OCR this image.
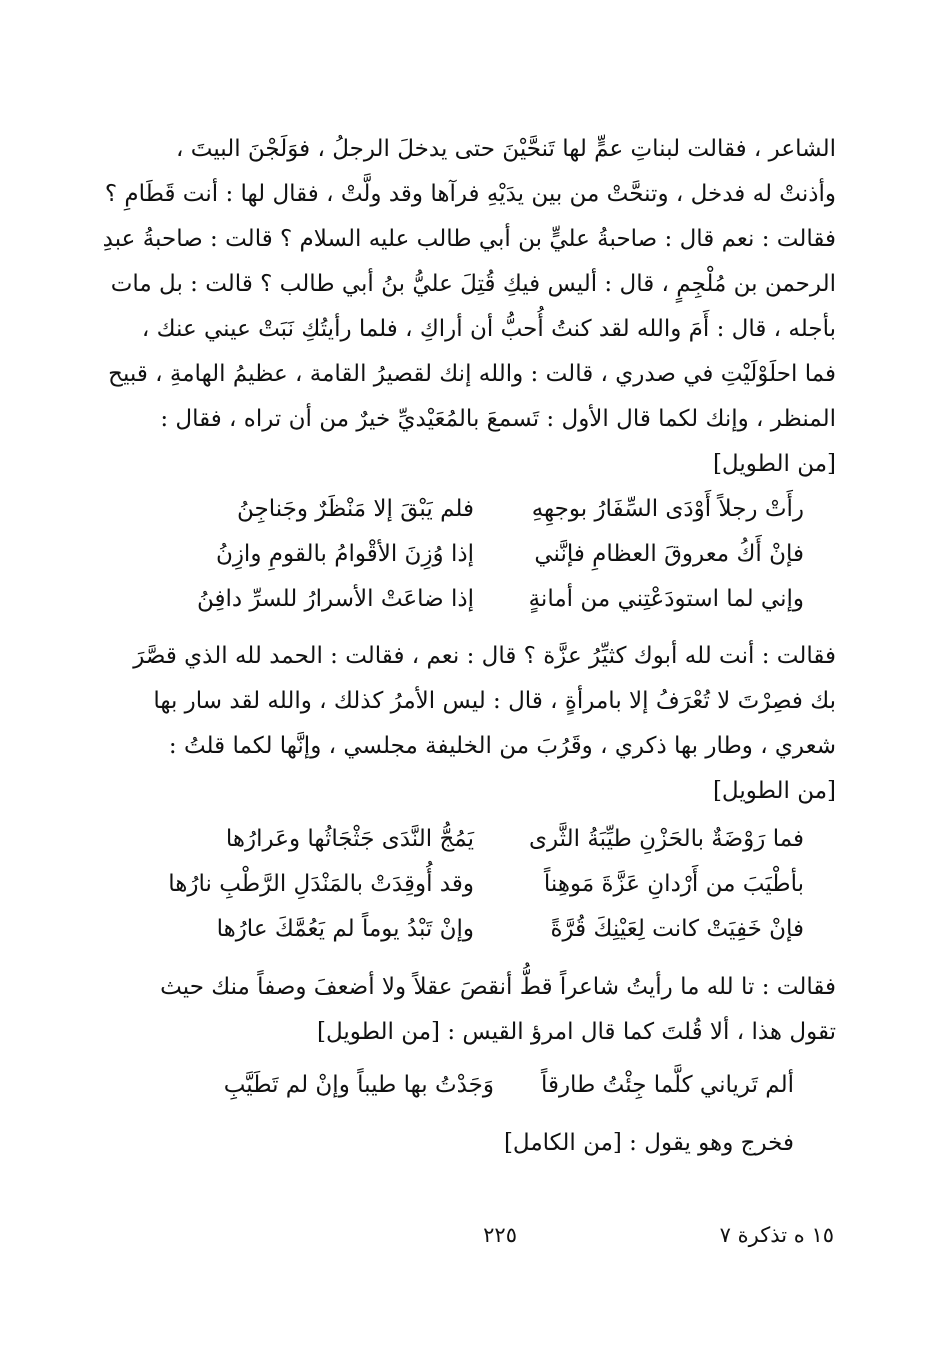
الشاعر ، فقالت لبناتِ عمٍّ لها تَنحَّيْنَ حتى يدخلَ الرجلُ ، فوَلَجْنَ البيتَ ،
وأذنتْ له فدخل ، وتنحَّتْ من بين يدَيْهِ فرآها وقد ولَّتْ ، فقال لها : أنت قَطَامِ ؟
فقالت : نعم قال : صاحبةُ عليٍّ بن أبي طالب عليه السلام ؟ قالت : صاحبةُ عبدِ
الرحمن بن مُلْجِمٍ ، قال : أليس فيكِ قُتِلَ عليُّ بنُ أبي طالب ؟ قالت : بل مات
بأجله ، قال : أَمَ والله لقد كنتُ أُحبُّ أن أراكِ ، فلما رأيتُكِ نَبَتْ عيني عنك ،
فما احلَوْلَيْتِ في صدري ، قالت : والله إنك لقصيرُ القامة ، عظيمُ الهامةِ ، قبيح
المنظر ، وإنك لكما قال الأول : تَسمعَ بالمُعَيْديِّ خيرٌ من أن تراه ، فقال :
[من الطويل]
رأَتْ رجلاً أَوْدَى السِّفَارُ بوجهِهِ
فلم يَبْقَ إلا مَنْظَرٌ وجَناجِنُ
فإنْ أَكُ معروقَ العظامِ فإنَّني
إذا وُزِنَ الأقْوامُ بالقومِ وازِنُ
وإني لما استودَعْتِني من أمانةٍ
إذا ضاعَتْ الأسرارُ للسرِّ دافِنُ
فقالت : أنت لله أبوك كثيِّرُ عزَّة ؟ قال : نعم ، فقالت : الحمد لله الذي قصَّرَ
بك فصِرْتَ لا تُعْرَفُ إلا بامرأةٍ ، قال : ليس الأمرُ كذلك ، والله لقد سار بها
شعري ، وطار بها ذكري ، وقَرُبَ من الخليفة مجلسي ، وإنَّها لكما قلتُ :
[من الطويل]
فما رَوْضَةٌ بالحَزْنِ طيِّبَةُ الثَّرى
يَمُجُّ النَّدَى جَثْجَاثُها وعَرارُها
بأطْيَبَ من أَرْدانِ عَزَّةَ مَوهِناً
وقد أُوقِدَتْ بالمَنْدَلِ الرَّطْبِ نارُها
فإنْ خَفِيَتْ كانت لِعَيْنِكَ قُرَّةً
وإنْ تَبْدُ يوماً لم يَعُمَّكَ عارُها
فقالت : تا لله ما رأيتُ شاعراً قطُّ أنقصَ عقلاً ولا أضعفَ وصفاً منك حيث
تقول هذا ، ألا قُلتَ كما قال امرؤ القيس : [من الطويل]
ألم تَرياني كلَّما جِئْتُ طارقاً
وَجَدْتُ بها طيباً وإنْ لم تَطَيَّبِ
فخرج وهو يقول : [من الكامل]
١٥ ه تذكرة ٧
٢٢٥
